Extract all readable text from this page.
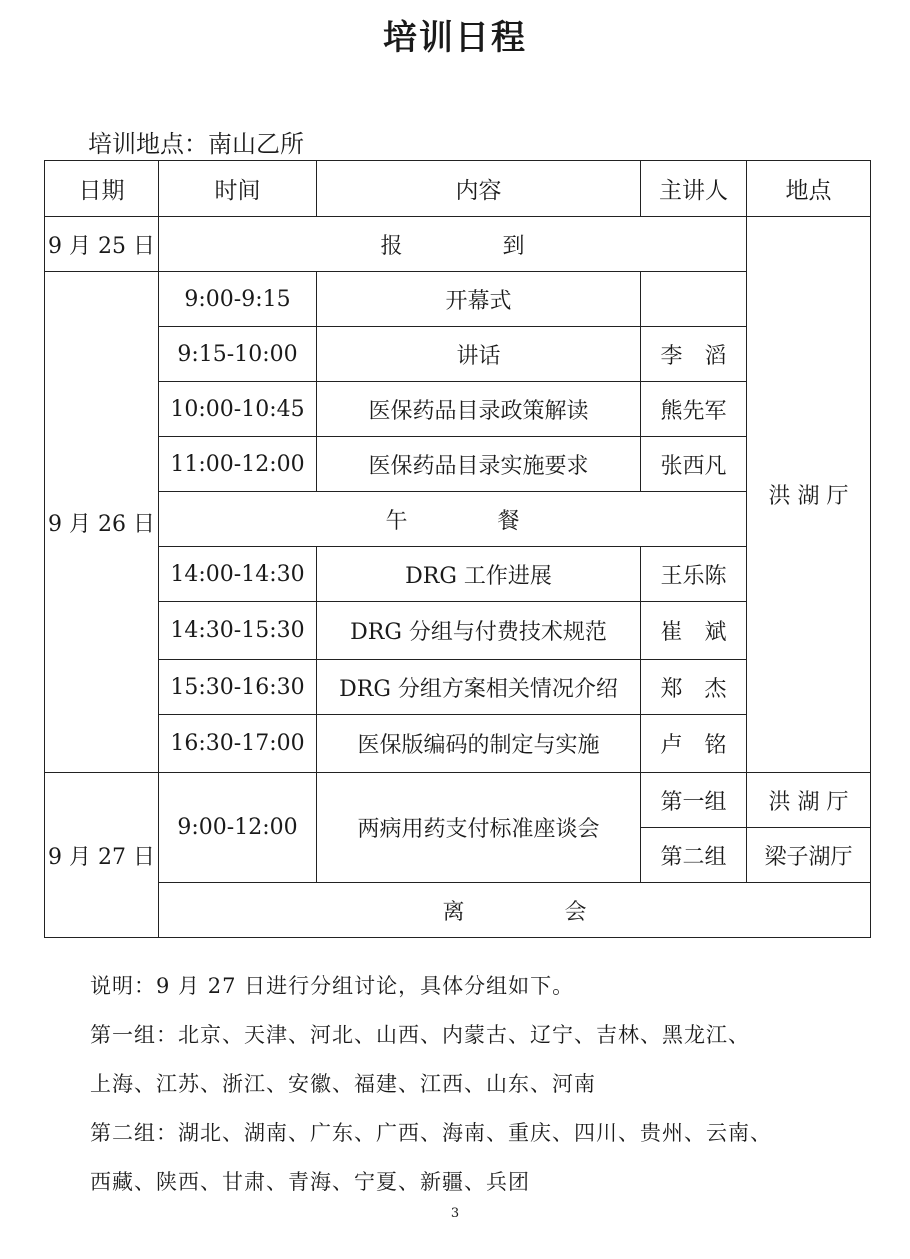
培训日程
培训地点：南山乙所
日期	时间	内容	主讲人	地点
9 月 25 日	报 到			洪 湖 厅
9 月 26 日	9:00-9:15	开幕式		
	9:15-10:00	讲话	李　滔	
	10:00-10:45	医保药品目录政策解读	熊先军	
	11:00-12:00	医保药品目录实施要求	张西凡	
	午 餐			
	14:00-14:30	DRG 工作进展	王乐陈	
	14:30-15:30	DRG 分组与付费技术规范	崔　斌	
	15:30-16:30	DRG 分组方案相关情况介绍	郑　杰	
	16:30-17:00	医保版编码的制定与实施	卢　铭	
9 月 27 日	9:00-12:00	两病用药支付标准座谈会	第一组	洪 湖 厅
			第二组	梁子湖厅
	离 会			
说明：9 月 27 日进行分组讨论，具体分组如下。
第一组：北京、天津、河北、山西、内蒙古、辽宁、吉林、黑龙江、
上海、江苏、浙江、安徽、福建、江西、山东、河南
第二组：湖北、湖南、广东、广西、海南、重庆、四川、贵州、云南、
西藏、陕西、甘肃、青海、宁夏、新疆、兵团
3
